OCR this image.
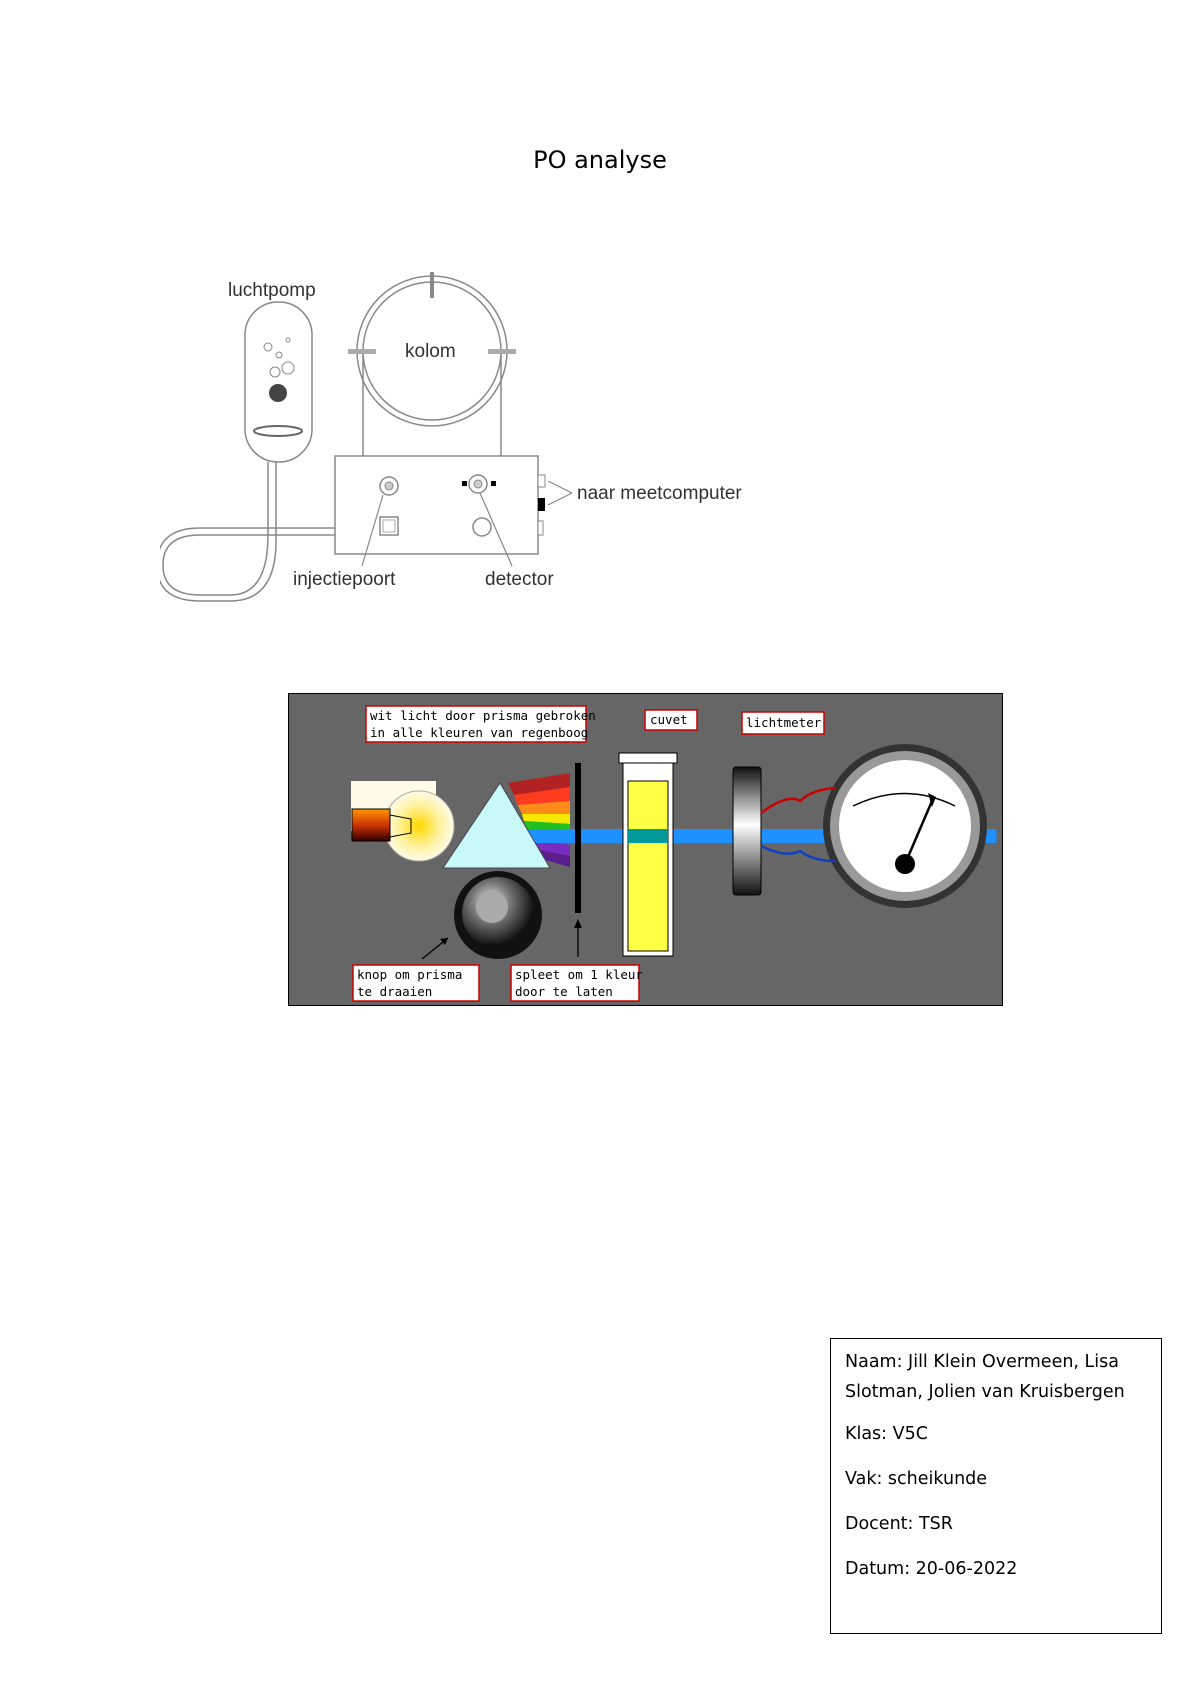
PO analyse
luchtpomp
kolom
naar meetcomputer
injectiepoort	detector
wit licht door prisma gebroken
in alle kleuren van regenboog
cuvet	lichtmeter
knop om prisma
te draaien
spleet om 1 kleur
door te laten

Naam: Jill Klein Overmeen, Lisa Slotman, Jolien van Kruisbergen

Klas: V5C

Vak: scheikunde

Docent: TSR

Datum: 20-06-2022
